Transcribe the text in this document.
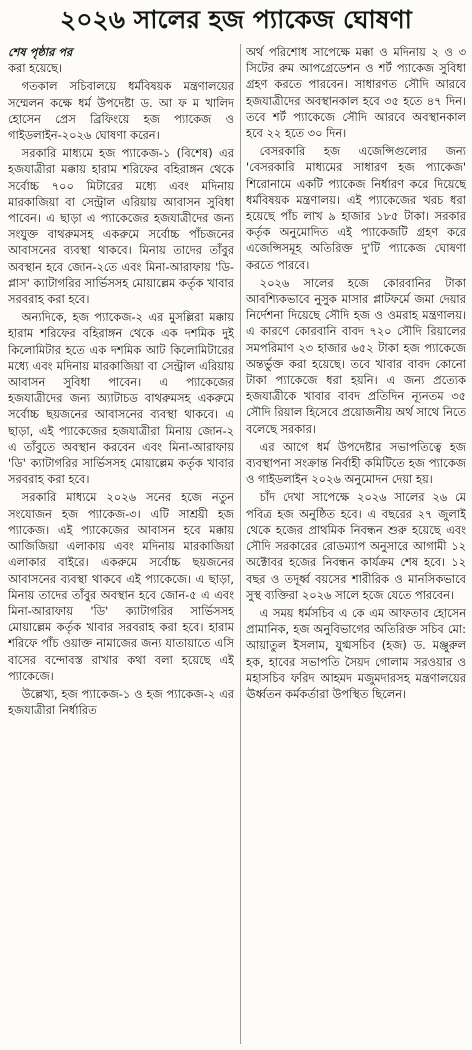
২০২৬ সালের হজ প্যাকেজ ঘোষণা
শেষ পৃষ্ঠার পর

করা হয়েছে।

গতকাল সচিবালয়ে ধর্মবিষয়ক মন্ত্রণালয়ের সম্মেলন কক্ষে ধর্ম উপদেষ্টা ড. আ ফ ম খালিদ হোসেন প্রেস ব্রিফিংয়ে হজ প্যাকেজ ও গাইডলাইন-২০২৬ ঘোষণা করেন।

সরকারি মাধ্যমে হজ প্যাকেজ-১ (বিশেষ) এর হজযাত্রীরা মক্কায় হারাম শরিফের বহিরাঙ্গন থেকে সর্বোচ্চ ৭০০ মিটারের মধ্যে এবং মদিনায় মারকাজিয়া বা সেন্ট্রাল এরিয়ায় আবাসন সুবিধা পাবেন। এ ছাড়া এ প্যাকেজের হজযাত্রীদের জন্য সংযুক্ত বাথরুমসহ একরুমে সর্বোচ্চ পাঁচজনের আবাসনের ব্যবস্থা থাকবে। মিনায় তাদের তাঁবুর অবস্থান হবে জোন-২তে এবং মিনা-আরাফায় 'ডি-প্লাস' ক্যাটাগরির সার্ভিসসহ মোয়াল্লেম কর্তৃক খাবার সরবরাহ করা হবে।

অন্যদিকে, হজ প্যাকেজ-২ এর মুসল্লিরা মক্কায় হারাম শরিফের বহিরাঙ্গন থেকে এক দশমিক দুই কিলোমিটার হতে এক দশমিক আট কিলোমিটারের মধ্যে এবং মদিনায় মারকাজিয়া বা সেন্ট্রাল এরিয়ায় আবাসন সুবিধা পাবেন। এ প্যাকেজের হজযাত্রীদের জন্য অ্যাটাচড বাথরুমসহ একরুমে সর্বোচ্চ ছয়জনের আবাসনের ব্যবস্থা থাকবে। এ ছাড়া, এই প্যাকেজের হজযাত্রীরা মিনায় জোন-২ এ তাঁবুতে অবস্থান করবেন এবং মিনা-আরাফায় 'ডি' ক্যাটাগরির সার্ভিসসহ মোয়াল্লেম কর্তৃক খাবার সরবরাহ করা হবে।

সরকারি মাধ্যমে ২০২৬ সনের হজে নতুন সংযোজন হজ প্যাকেজ-৩। এটি সাশ্রয়ী হজ প্যাকেজ। এই প্যাকেজের আবাসন হবে মক্কায় আজিজিয়া এলাকায় এবং মদিনায় মারকাজিয়া এলাকার বাইরে। একরুমে সর্বোচ্চ ছয়জনের আবাসনের ব্যবস্থা থাকবে এই প্যাকেজে। এ ছাড়া, মিনায় তাদের তাঁবুর অবস্থান হবে জোন-৫ এ এবং মিনা-আরাফায় 'ডি' ক্যাটাগরির সার্ভিসসহ মোয়াল্লেম কর্তৃক খাবার সরবরাহ করা হবে। হারাম শরিফে পাঁচ ওয়াক্ত নামাজের জন্য যাতায়াতে এসি বাসের বন্দোবস্ত রাখার কথা বলা হয়েছে এই প্যাকেজে।

উল্লেখ্য, হজ প্যাকেজ-১ ও হজ প্যাকেজ-২ এর হজযাত্রীরা নির্ধারিত

অর্থ পরিশোধ সাপেক্ষে মক্কা ও মদিনায় ২ ও ৩ সিটের রুম আপগ্রেডেশন ও শর্ট প্যাকেজ সুবিধা গ্রহণ করতে পারবেন। সাধারণত সৌদি আরবে হজযাত্রীদের অবস্থানকাল হবে ৩৫ হতে ৪৭ দিন। তবে শর্ট প্যাকেজে সৌদি আরবে অবস্থানকাল হবে ২২ হতে ৩০ দিন।

বেসরকারি হজ এজেন্সিগুলোর জন্য 'বেসরকারি মাধ্যমের সাধারণ হজ প্যাকেজ' শিরোনামে একটি প্যাকেজ নির্ধারণ করে দিয়েছে ধর্মবিষয়ক মন্ত্রণালয়। এই প্যাকেজের খরচ ধরা হয়েছে পাঁচ লাখ ৯ হাজার ১৮৫ টাকা। সরকার কর্তৃক অনুমোদিত এই প্যাকেজটি গ্রহণ করে এজেন্সিসমূহ অতিরিক্ত দু'টি প্যাকেজ ঘোষণা করতে পারবে।

২০২৬ সালের হজে কোরবানির টাকা আবশ্যিকভাবে নুসুক মাসার প্লাটফর্মে জমা দেয়ার নির্দেশনা দিয়েছে সৌদি হজ ও ওমরাহ মন্ত্রণালয়। এ কারণে কোরবানি বাবদ ৭২০ সৌদি রিয়ালের সমপরিমাণ ২৩ হাজার ৬৫২ টাকা হজ প্যাকেজে অন্তর্ভুক্ত করা হয়েছে। তবে খাবার বাবদ কোনো টাকা প্যাকেজে ধরা হয়নি। এ জন্য প্রত্যেক হজযাত্রীকে খাবার বাবদ প্রতিদিন ন্যূনতম ৩৫ সৌদি রিয়াল হিসেবে প্রয়োজনীয় অর্থ সাথে নিতে বলেছে সরকার।

এর আগে ধর্ম উপদেষ্টার সভাপতিত্বে হজ ব্যবস্থাপনা সংক্রান্ত নির্বাহী কমিটিতে হজ প্যাকেজ ও গাইডলাইন ২০২৬ অনুমোদন দেয়া হয়।

চাঁদ দেখা সাপেক্ষে ২০২৬ সালের ২৬ মে পবিত্র হজ অনুষ্ঠিত হবে। এ বছরের ২৭ জুলাই থেকে হজের প্রাথমিক নিবন্ধন শুরু হয়েছে এবং সৌদি সরকারের রোডম্যাপ অনুসারে আগামী ১২ অক্টোবর হজের নিবন্ধন কার্যক্রম শেষ হবে। ১২ বছর ও তদূর্ধ্ব বয়সের শারীরিক ও মানসিকভাবে সুস্থ ব্যক্তিরা ২০২৬ সালে হজে যেতে পারবেন।

এ সময় ধর্মসচিব এ কে এম আফতাব হোসেন প্রামানিক, হজ অনুবিভাগের অতিরিক্ত সচিব মো: আয়াতুল ইসলাম, যুগ্মসচিব (হজ) ড. মঞ্জুরুল হক, হাবের সভাপতি সৈয়দ গোলাম সরওয়ার ও মহাসচিব ফরিদ আহমদ মজুমদারসহ মন্ত্রণালয়ের ঊর্ধ্বতন কর্মকর্তারা উপস্থিত ছিলেন।
